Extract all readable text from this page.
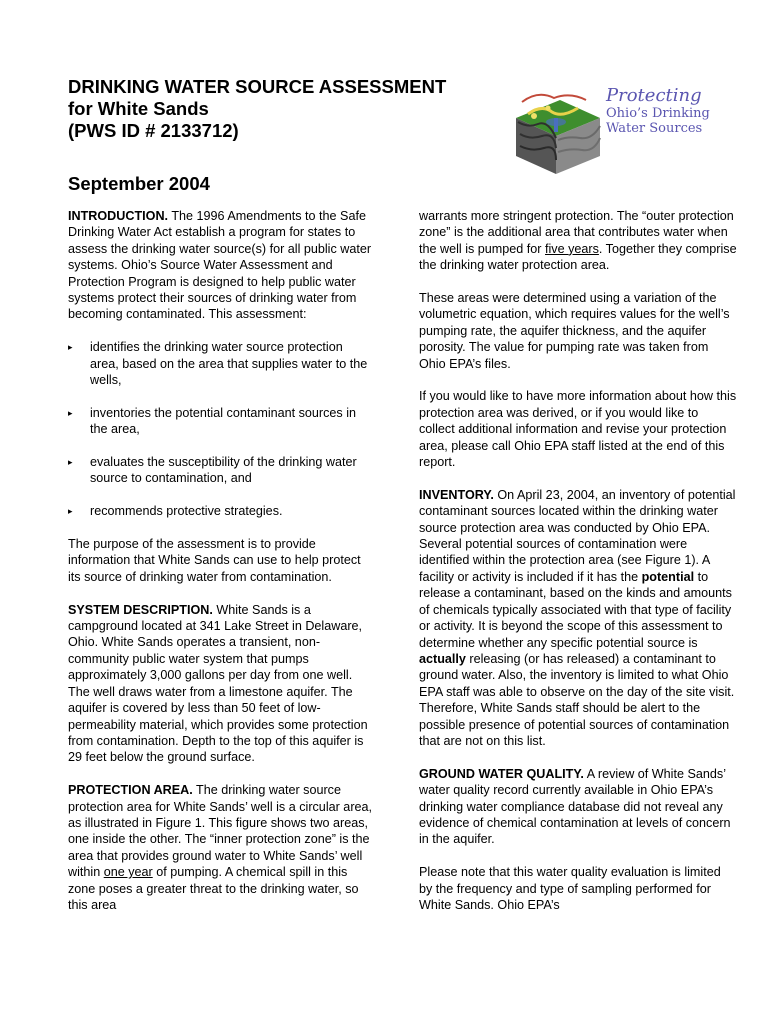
DRINKING WATER SOURCE ASSESSMENT
for White Sands
(PWS ID # 2133712)
September 2004
Protecting
Ohio’s Drinking
Water Sources

INTRODUCTION. The 1996 Amendments to the Safe Drinking Water Act establish a program for states to assess the drinking water source(s) for all public water systems. Ohio’s Source Water Assessment and Protection Program is designed to help public water systems protect their sources of drinking water from becoming contaminated. This assessment:

▸ identifies the drinking water source protection area, based on the area that supplies water to the wells,
▸ inventories the potential contaminant sources in the area,
▸ evaluates the susceptibility of the drinking water source to contamination, and
▸ recommends protective strategies.

The purpose of the assessment is to provide information that White Sands can use to help protect its source of drinking water from contamination.

SYSTEM DESCRIPTION. White Sands is a campground located at 341 Lake Street in Delaware, Ohio. White Sands operates a transient, non-community public water system that pumps approximately 3,000 gallons per day from one well. The well draws water from a limestone aquifer. The aquifer is covered by less than 50 feet of low-permeability material, which provides some protection from contamination. Depth to the top of this aquifer is 29 feet below the ground surface.

PROTECTION AREA. The drinking water source protection area for White Sands’ well is a circular area, as illustrated in Figure 1. This figure shows two areas, one inside the other. The “inner protection zone” is the area that provides ground water to White Sands’ well within one year of pumping. A chemical spill in this zone poses a greater threat to the drinking water, so this area

warrants more stringent protection. The “outer protection zone” is the additional area that contributes water when the well is pumped for five years. Together they comprise the drinking water protection area.

These areas were determined using a variation of the volumetric equation, which requires values for the well’s pumping rate, the aquifer thickness, and the aquifer porosity. The value for pumping rate was taken from Ohio EPA’s files.

If you would like to have more information about how this protection area was derived, or if you would like to collect additional information and revise your protection area, please call Ohio EPA staff listed at the end of this report.

INVENTORY. On April 23, 2004, an inventory of potential contaminant sources located within the drinking water source protection area was conducted by Ohio EPA. Several potential sources of contamination were identified within the protection area (see Figure 1). A facility or activity is included if it has the potential to release a contaminant, based on the kinds and amounts of chemicals typically associated with that type of facility or activity. It is beyond the scope of this assessment to determine whether any specific potential source is actually releasing (or has released) a contaminant to ground water. Also, the inventory is limited to what Ohio EPA staff was able to observe on the day of the site visit. Therefore, White Sands staff should be alert to the possible presence of potential sources of contamination that are not on this list.

GROUND WATER QUALITY. A review of White Sands’ water quality record currently available in Ohio EPA’s drinking water compliance database did not reveal any evidence of chemical contamination at levels of concern in the aquifer.

Please note that this water quality evaluation is limited by the frequency and type of sampling performed for White Sands. Ohio EPA’s
